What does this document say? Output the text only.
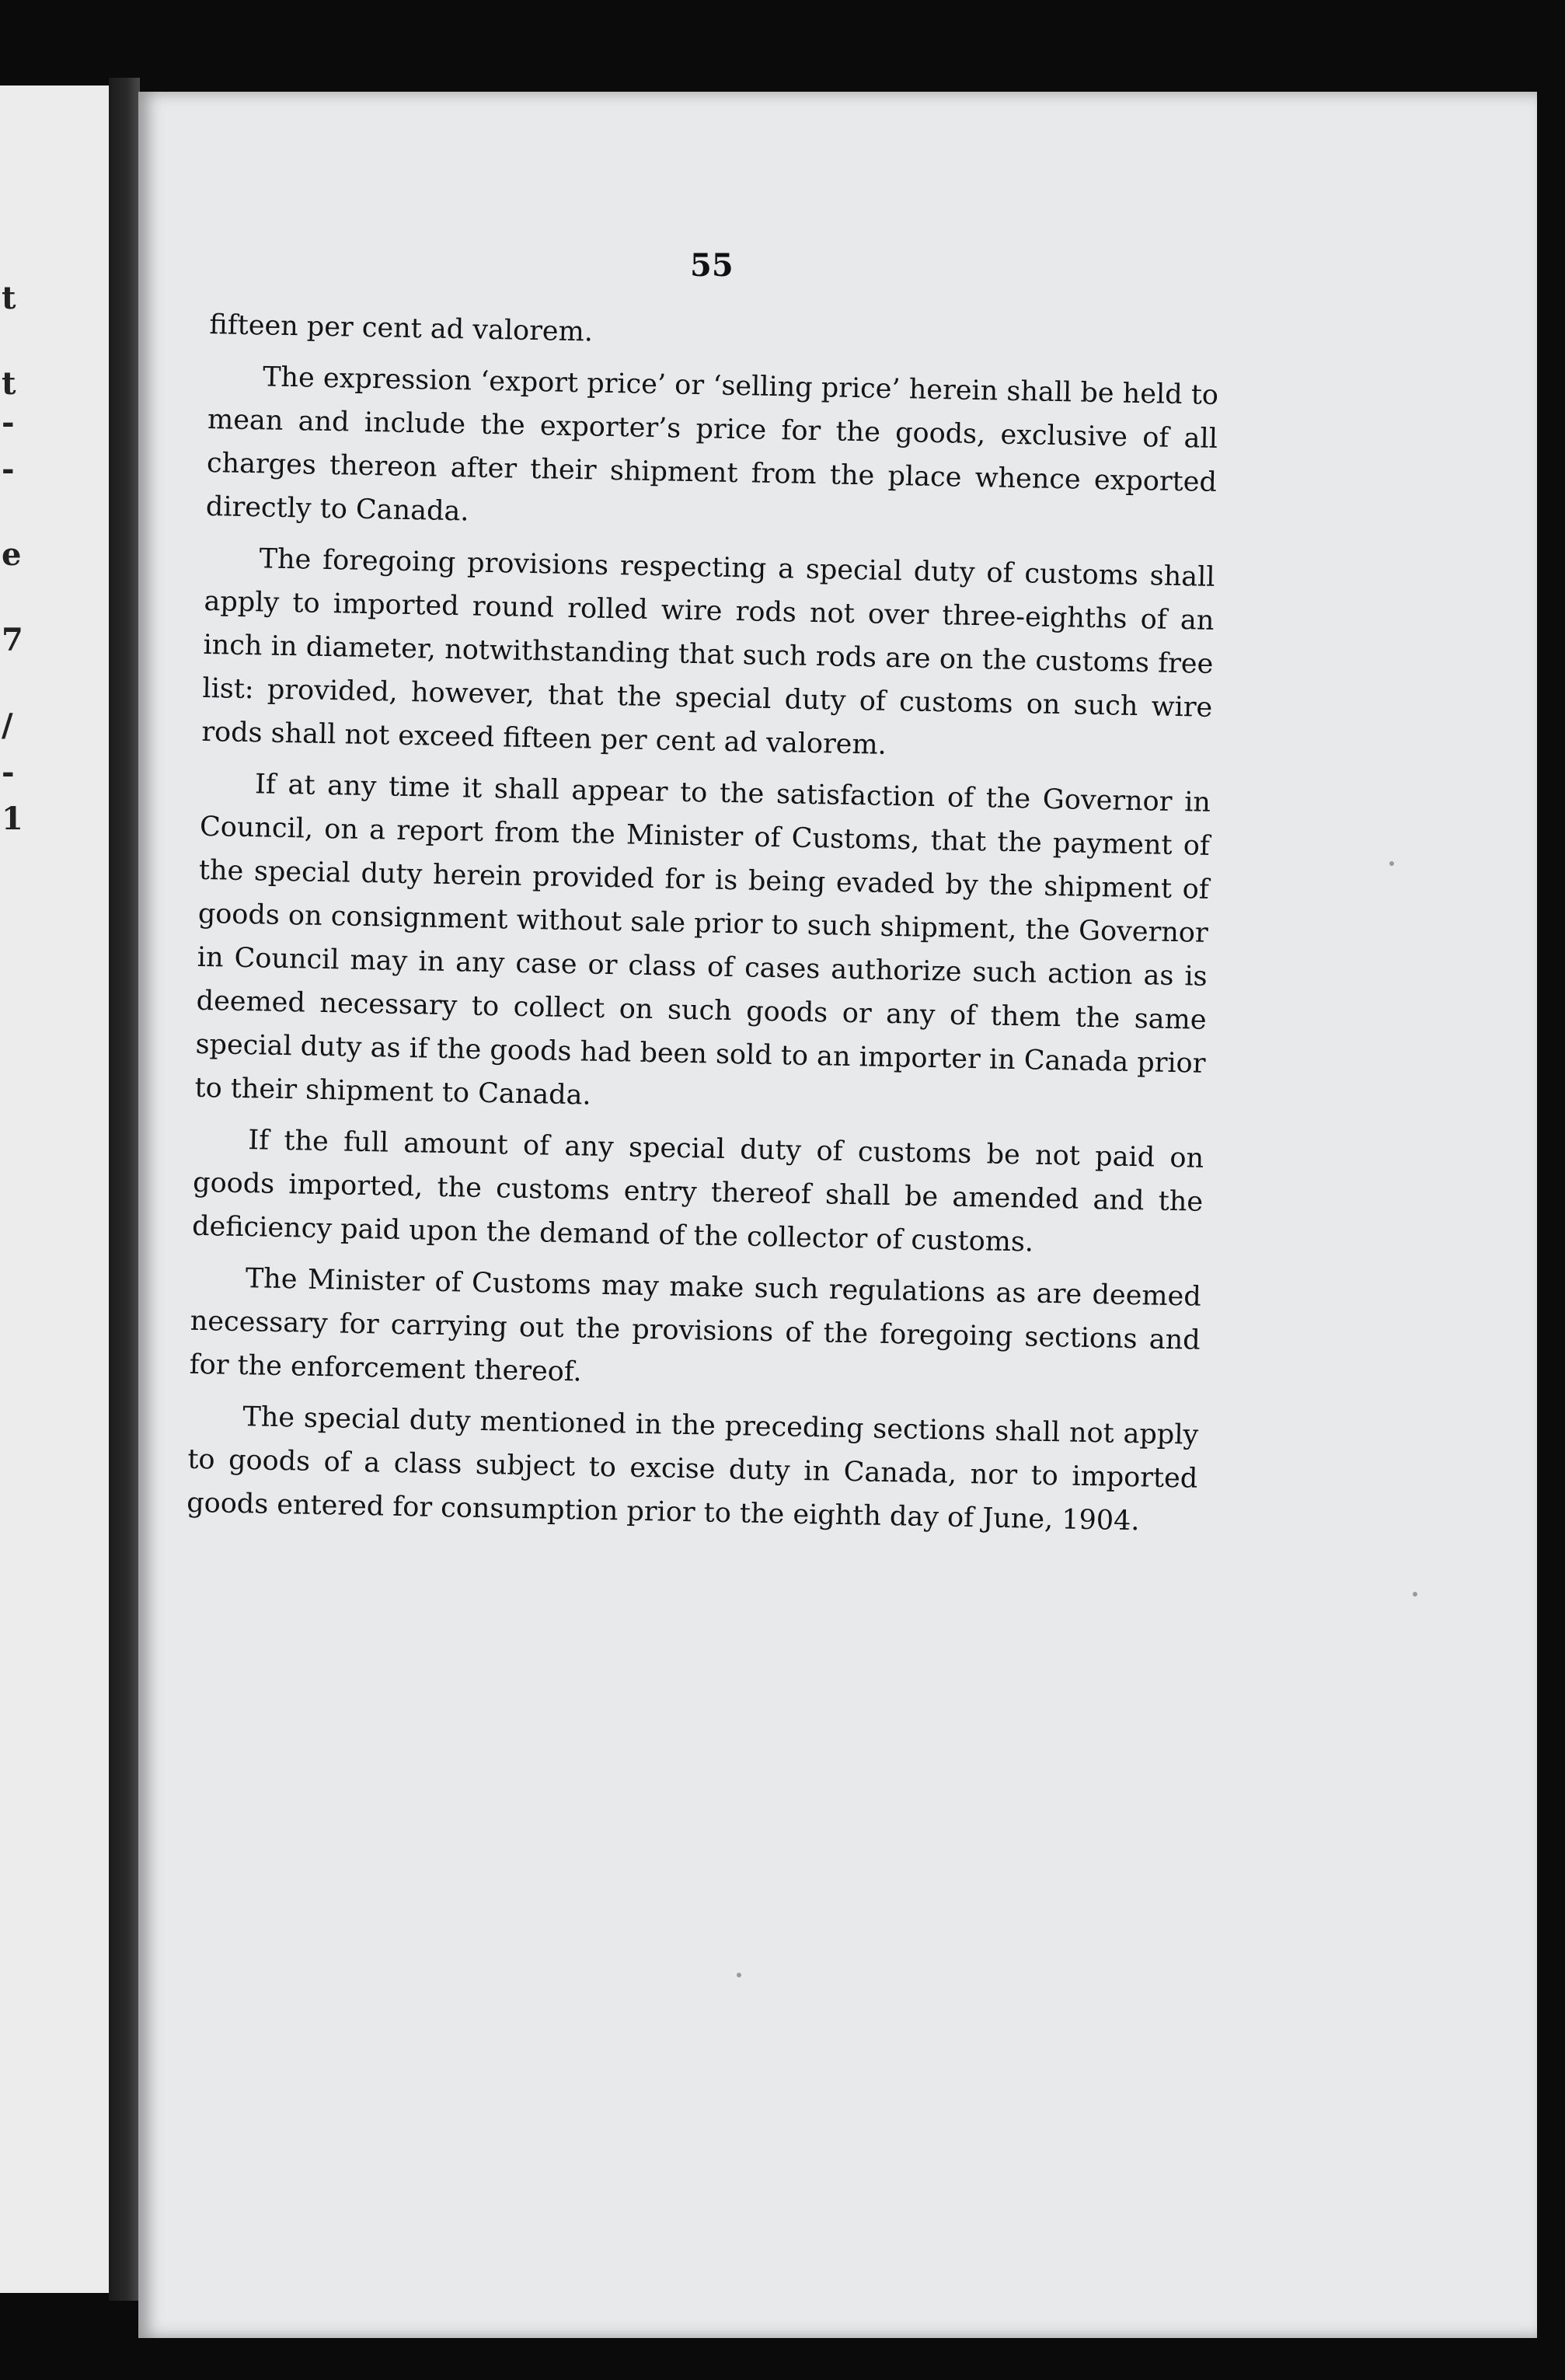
t
t
-
-
e
7
/
-
1
55

fifteen per cent ad valorem.

The expression ‘export price’ or ‘selling price’ herein shall be held to mean and include the exporter’s price for the goods, exclusive of all charges thereon after their shipment from the place whence exported directly to Canada.

The foregoing provisions respecting a special duty of customs shall apply to imported round rolled wire rods not over three-eighths of an inch in diameter, notwithstanding that such rods are on the customs free list: provided, however, that the special duty of customs on such wire rods shall not exceed fifteen per cent ad valorem.

If at any time it shall appear to the satisfaction of the Governor in Council, on a report from the Minister of Customs, that the payment of the special duty herein provided for is being evaded by the shipment of goods on consignment without sale prior to such shipment, the Governor in Council may in any case or class of cases authorize such action as is deemed necessary to collect on such goods or any of them the same special duty as if the goods had been sold to an importer in Canada prior to their shipment to Canada.

If the full amount of any special duty of customs be not paid on goods imported, the customs entry thereof shall be amended and the deficiency paid upon the demand of the collector of customs.

The Minister of Customs may make such regulations as are deemed necessary for carrying out the provisions of the foregoing sections and for the enforcement thereof.

The special duty mentioned in the preceding sections shall not apply to goods of a class subject to excise duty in Canada, nor to imported goods entered for consumption prior to the eighth day of June, 1904.
